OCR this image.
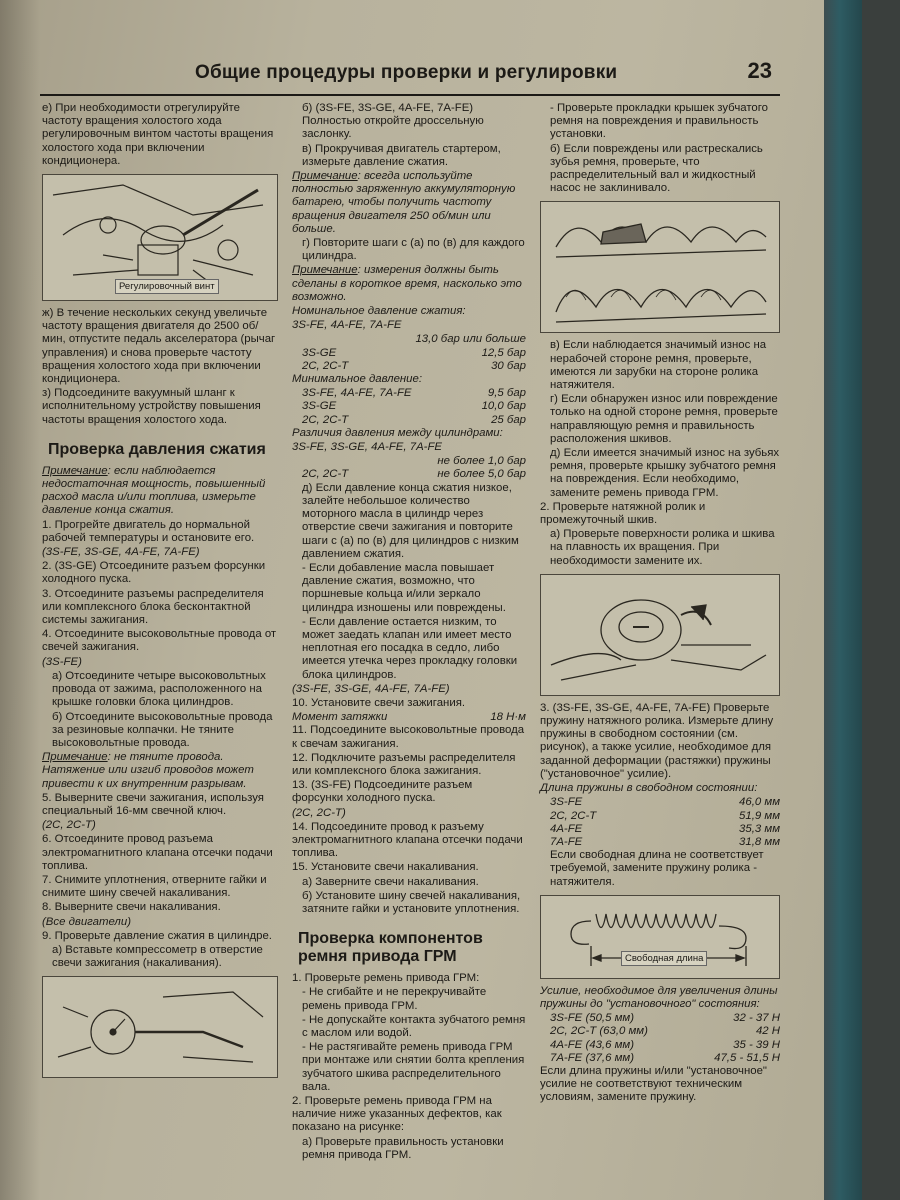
Общие процедуры проверки и регулировки	23

е) При необходимости отрегулируйте частоту вращения холостого хода регулировочным винтом частоты вращения холостого хода при включении кондиционера.

Регулировочный винт

ж) В течение нескольких секунд увеличьте частоту вращения двигателя до 2500 об/мин, отпустите педаль акселератора (рычаг управления) и снова проверьте частоту вращения холостого хода при включении кондиционера.

з) Подсоедините вакуумный шланг к исполнительному устройству повышения частоты вращения холостого хода.

Проверка давления сжатия

Примечание: если наблюдается недостаточная мощность, повышенный расход масла и/или топлива, измерьте давление конца сжатия.

1. Прогрейте двигатель до нормальной рабочей температуры и остановите его.

(3S-FE, 3S-GE, 4A-FE, 7A-FE)

2. (3S-GE) Отсоедините разъем форсунки холодного пуска.

3. Отсоедините разъемы распределителя или комплексного блока бесконтактной системы зажигания.

4. Отсоедините высоковольтные провода от свечей зажигания.

(3S-FE)

а) Отсоедините четыре высоковольтных провода от зажима, расположенного на крышке головки блока цилиндров.

б) Отсоедините высоковольтные провода за резиновые колпачки. Не тяните высоковольтные провода.

Примечание: не тяните провода. Натяжение или изгиб проводов может привести к их внутренним разрывам.

5. Выверните свечи зажигания, используя специальный 16-мм свечной ключ.

(2C, 2C-T)

6. Отсоедините провод разъема электромагнитного клапана отсечки подачи топлива.

7. Снимите уплотнения, отверните гайки и снимите шину свечей накаливания.

8. Выверните свечи накаливания.

(Все двигатели)

9. Проверьте давление сжатия в цилиндре.

а) Вставьте компрессометр в отверстие свечи зажигания (накаливания).

б) (3S-FE, 3S-GE, 4A-FE, 7A-FE) Полностью откройте дроссельную заслонку.

в) Прокручивая двигатель стартером, измерьте давление сжатия.

Примечание: всегда используйте полностью заряженную аккумуляторную батарею, чтобы получить частоту вращения двигателя 250 об/мин или больше.

г) Повторите шаги с (а) по (в) для каждого цилиндра.

Примечание: измерения должны быть сделаны в короткое время, насколько это возможно.

Номинальное давление сжатия:

3S-FE, 4A-FE, 7A-FE

13,0 бар или больше
3S-GE	12,5 бар
2C, 2C-T	30 бар

Минимальное давление:

3S-FE, 4A-FE, 7A-FE	9,5 бар
3S-GE	10,0 бар
2C, 2C-T	25 бар

Различия давления между цилиндрами:

3S-FE, 3S-GE, 4A-FE, 7A-FE

не более 1,0 бар
2C, 2C-T	не более 5,0 бар

д) Если давление конца сжатия низкое, залейте небольшое количество моторного масла в цилиндр через отверстие свечи зажигания и повторите шаги с (а) по (в) для цилиндров с низким давлением сжатия.

- Если добавление масла повышает давление сжатия, возможно, что поршневые кольца и/или зеркало цилиндра изношены или повреждены.

- Если давление остается низким, то может заедать клапан или имеет место неплотная его посадка в седло, либо имеется утечка через прокладку головки блока цилиндров.

(3S-FE, 3S-GE, 4A-FE, 7A-FE)

10. Установите свечи зажигания.

Момент затяжки	18 Н·м

11. Подсоедините высоковольтные провода к свечам зажигания.

12. Подключите разъемы распределителя или комплексного блока зажигания.

13. (3S-FE) Подсоедините разъем форсунки холодного пуска.

(2C, 2C-T)

14. Подсоедините провод к разъему электромагнитного клапана отсечки подачи топлива.

15. Установите свечи накаливания.

а) Заверните свечи накаливания.

б) Установите шину свечей накаливания, затяните гайки и установите уплотнения.

Проверка компонентов ремня привода ГРМ

1. Проверьте ремень привода ГРМ:

- Не сгибайте и не перекручивайте ремень привода ГРМ.

- Не допускайте контакта зубчатого ремня с маслом или водой.

- Не растягивайте ремень привода ГРМ при монтаже или снятии болта крепления зубчатого шкива распределительного вала.

2. Проверьте ремень привода ГРМ на наличие ниже указанных дефектов, как показано на рисунке:

а) Проверьте правильность установки ремня привода ГРМ.

- Проверьте прокладки крышек зубчатого ремня на повреждения и правильность установки.

б) Если повреждены или растрескались зубья ремня, проверьте, что распределительный вал и жидкостный насос не заклинивало.

в) Если наблюдается значимый износ на нерабочей стороне ремня, проверьте, имеются ли зарубки на стороне ролика натяжителя.

г) Если обнаружен износ или повреждение только на одной стороне ремня, проверьте направляющую ремня и правильность расположения шкивов.

д) Если имеется значимый износ на зубьях ремня, проверьте крышку зубчатого ремня на повреждения. Если необходимо, замените ремень привода ГРМ.

2. Проверьте натяжной ролик и промежуточный шкив.

а) Проверьте поверхности ролика и шкива на плавность их вращения. При необходимости замените их.

3. (3S-FE, 3S-GE, 4A-FE, 7A-FE) Проверьте пружину натяжного ролика. Измерьте длину пружины в свободном состоянии (см. рисунок), а также усилие, необходимое для заданной деформации (растяжки) пружины ("установочное" усилие).

Длина пружины в свободном состоянии:

3S-FE	46,0 мм
2C, 2C-T	51,9 мм
4A-FE	35,3 мм
7A-FE	31,8 мм

Если свободная длина не соответствует требуемой, замените пружину ролика - натяжителя.

Свободная длина

Усилие, необходимое для увеличения длины пружины до "установочного" состояния:

3S-FE (50,5 мм)	32 - 37 Н
2C, 2C-T (63,0 мм)	42 Н
4A-FE (43,6 мм)	35 - 39 Н
7A-FE (37,6 мм)	47,5 - 51,5 Н

Если длина пружины и/или "установочное" усилие не соответствуют техническим условиям, замените пружину.
